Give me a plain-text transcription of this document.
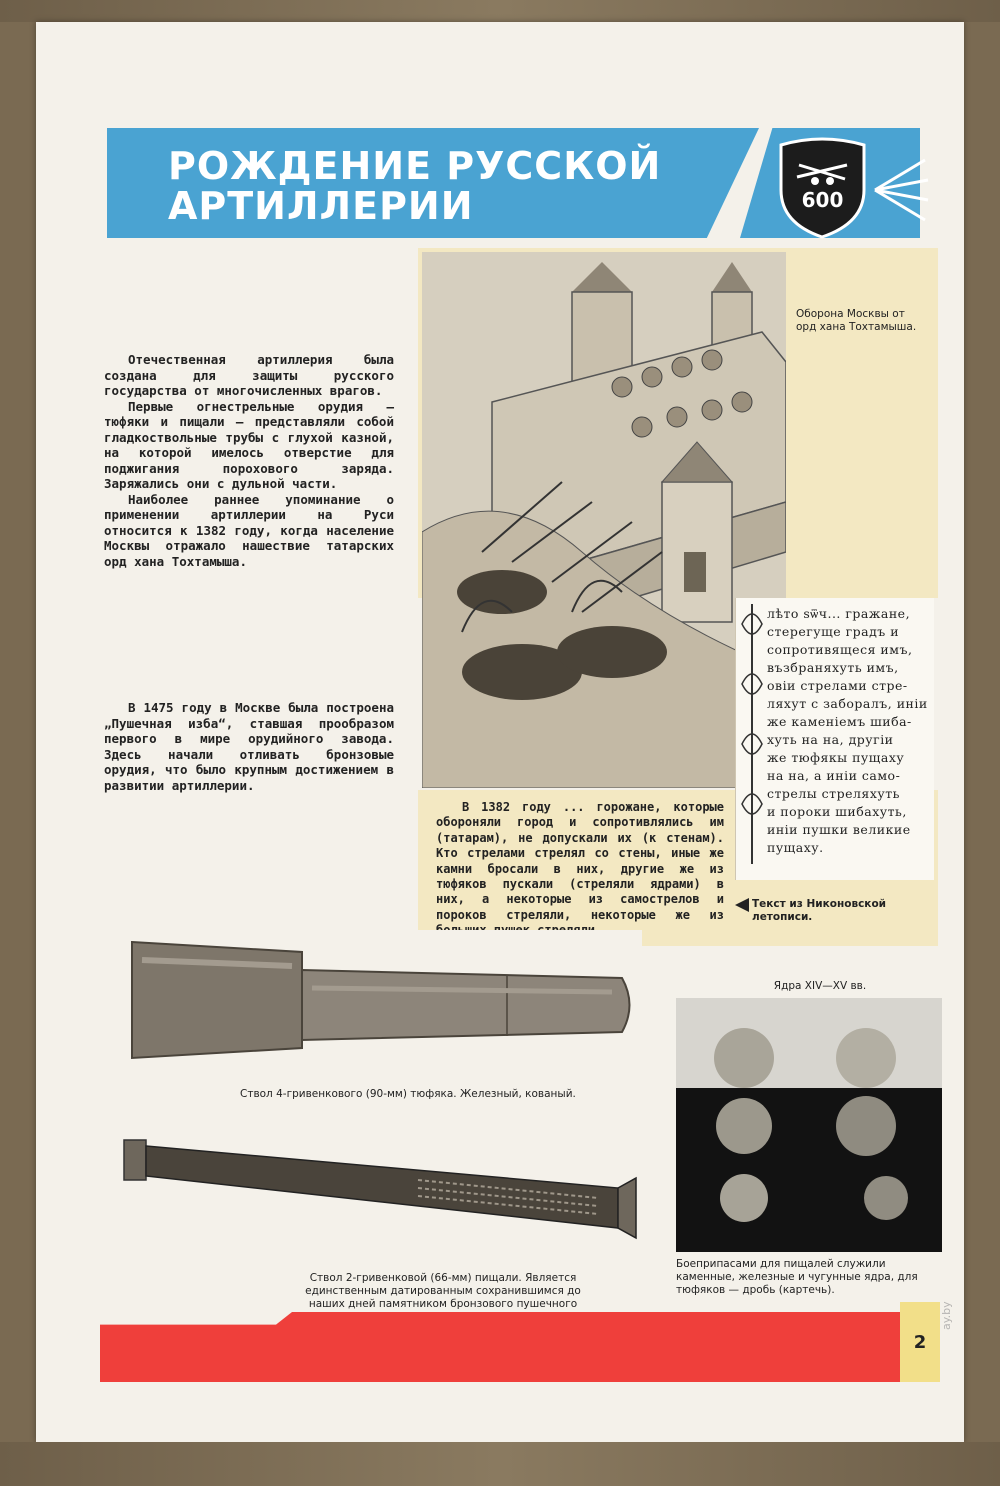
РОЖДЕНИЕ РУССКОЙ
АРТИЛЛЕРИИ	600

Отечественная артиллерия была создана для защиты русского государства от многочисленных врагов.

Первые огнестрельные орудия — тюфяки и пищали — представляли собой гладкоствольные трубы с глухой казной, на которой имелось отверстие для поджигания порохового заряда. Заряжались они с дульной части.

Наиболее раннее упоминание о применении артиллерии на Руси относится к 1382 году, когда население Москвы отражало нашествие татарских орд хана Тохтамыша.

В 1475 году в Москве была построена „Пушечная изба“, ставшая прообразом первого в мире орудийного завода. Здесь начали отливать бронзовые орудия, что было крупным достижением в развитии артиллерии.

Оборона Москвы от орд хана Тохтамыша.

В 1382 году ... горожане, которые обороняли город и сопротивлялись им (татарам), не допускали их (к стенам). Кто стрелами стрелял со стены, иные же камни бросали в них, другие же из тюфяков пускали (стреляли ядрами) в них, а некоторые из самострелов и пороков стреляли, некоторые же из

лѣто ѕѿч... гражане,
стерегуще градъ и
сопротивящеся имъ,
възбраняхуть имъ,
овіи стрелами стре-
ляхут с заборалъ, иніи
же каменіемъ шиба-
хуть на на, другіи
же тюфякы пущаху
на на, а иніи само-
стрелы стреляхуть
и пороки шибахуть,
иніи пушки великие
пущаху.
Текст из Никоновской летописи.
Ствол 4-гривенкового (90-мм) тюфяка. Железный, кованый.
Ствол 2-гривенковой (66-мм) пищали. Является единственным датированным сохранившимся до наших дней памятником бронзового пушечного
Ядра XIV—XV вв.
Боеприпасами для пищалей служили каменные, железные и чугунные ядра, для тюфяков — дробь (картечь).
2
ay.by
